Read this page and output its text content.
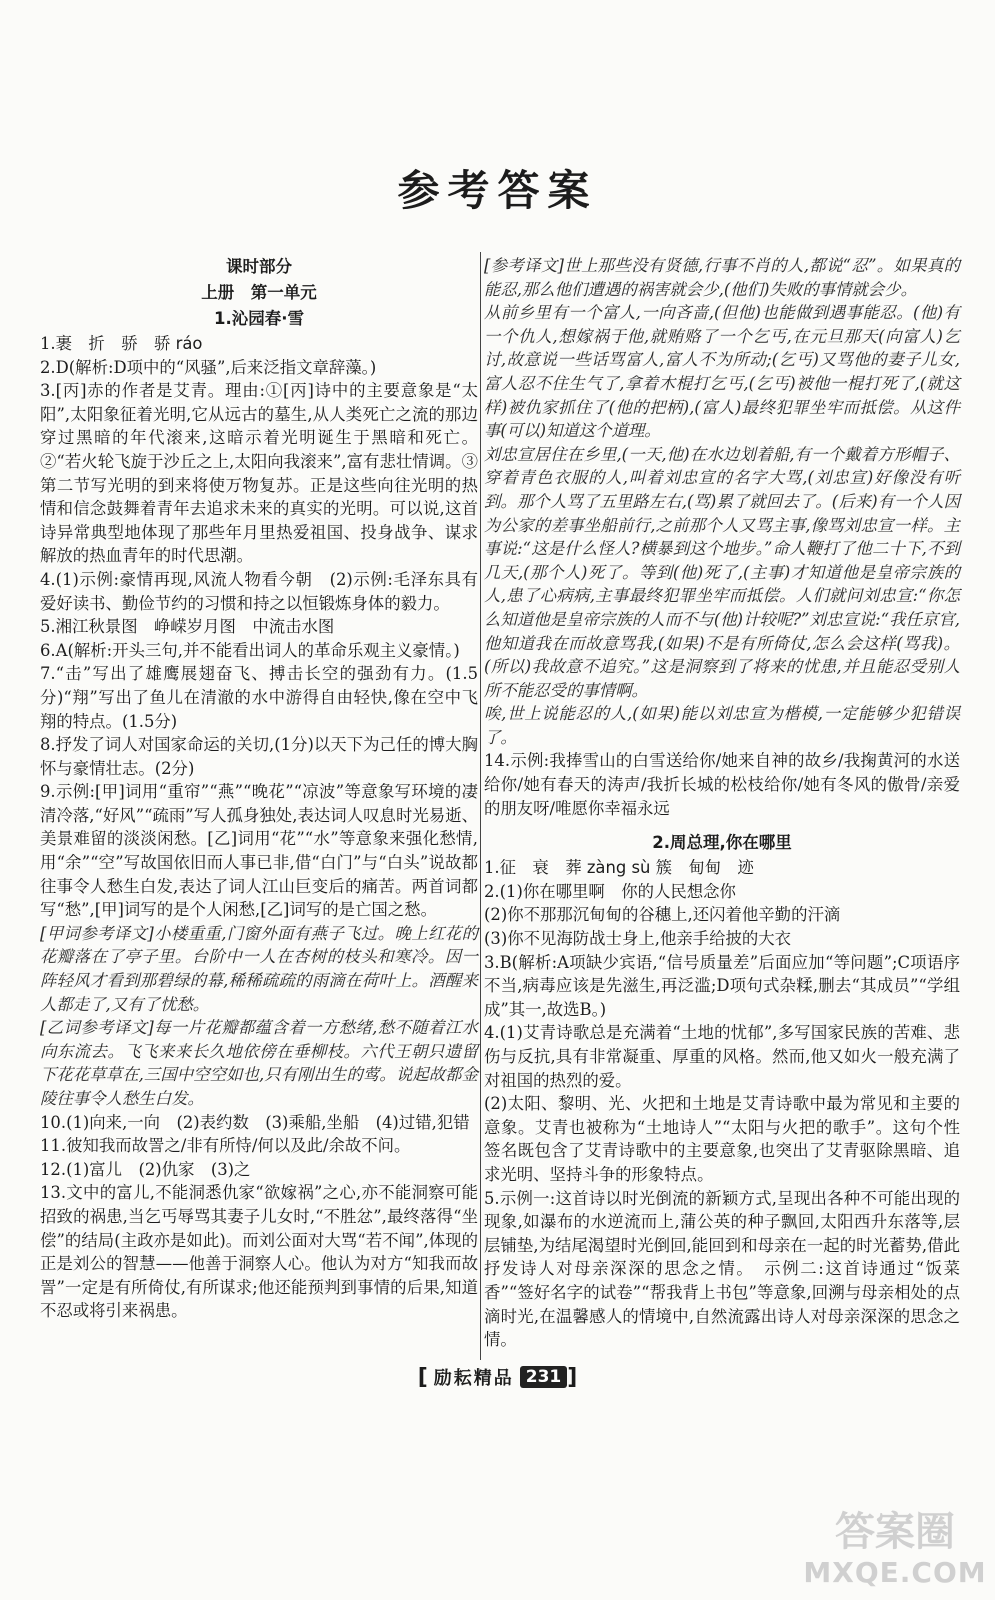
参考答案
课时部分
上册　第一单元
1.沁园春·雪
1.裹　折　骄　骄 ráo
2.D(解析:D项中的“风骚”,后来泛指文章辞藻。)
3.[丙]赤的作者是艾青。理由:①[丙]诗中的主要意象是“太阳”,太阳象征着光明,它从远古的墓生,从人类死亡之流的那边穿过黑暗的年代滚来,这暗示着光明诞生于黑暗和死亡。②“若火轮飞旋于沙丘之上,太阳向我滚来”,富有悲壮情调。③第二节写光明的到来将使万物复苏。正是这些向往光明的热情和信念鼓舞着青年去追求未来的真实的光明。可以说,这首诗异常典型地体现了那些年月里热爱祖国、投身战争、谋求解放的热血青年的时代思潮。
4.(1)示例:豪情再现,风流人物看今朝　(2)示例:毛泽东具有爱好读书、勤俭节约的习惯和持之以恒锻炼身体的毅力。
5.湘江秋景图　峥嵘岁月图　中流击水图
6.A(解析:开头三句,并不能看出词人的革命乐观主义豪情。)
7.“击”写出了雄鹰展翅奋飞、搏击长空的强劲有力。(1.5分)“翔”写出了鱼儿在清澈的水中游得自由轻快,像在空中飞翔的特点。(1.5分)
8.抒发了词人对国家命运的关切,(1分)以天下为己任的博大胸怀与豪情壮志。(2分)
9.示例:[甲]词用“重帘”“燕”“晚花”“凉波”等意象写环境的凄清冷落,“好风”“疏雨”写人孤身独处,表达词人叹息时光易逝、美景难留的淡淡闲愁。[乙]词用“花”“水”等意象来强化愁情,用“余”“空”写故国依旧而人事已非,借“白门”与“白头”说故都往事令人愁生白发,表达了词人江山巨变后的痛苦。两首词都写“愁”,[甲]词写的是个人闲愁,[乙]词写的是亡国之愁。
[甲词参考译文]小楼重重,门窗外面有燕子飞过。晚上红花的花瓣落在了亭子里。台阶中一人在杏树的枝头和寒冷。因一阵轻风才看到那碧绿的幕,稀稀疏疏的雨滴在荷叶上。酒醒来人都走了,又有了忧愁。
[乙词参考译文]每一片花瓣都蕴含着一方愁绪,愁不随着江水向东流去。飞飞来来长久地依傍在垂柳枝。六代王朝只遗留下花花草草在,三国中空空如也,只有刚出生的莺。说起故都金陵往事令人愁生白发。
10.(1)向来,一向　(2)表约数　(3)乘船,坐船　(4)过错,犯错
11.彼知我而故詈之/非有所恃/何以及此/余故不问。
12.(1)富儿　(2)仇家　(3)之
13.文中的富儿,不能洞悉仇家“欲嫁祸”之心,亦不能洞察可能招致的祸患,当乞丐辱骂其妻子儿女时,“不胜忿”,最终落得“坐偿”的结局(主政亦是如此)。而刘公面对大骂“若不闻”,体现的正是刘公的智慧——他善于洞察人心。他认为对方“知我而故詈”一定是有所倚仗,有所谋求;他还能预判到事情的后果,知道不忍或将引来祸患。
[参考译文]世上那些没有贤德,行事不肖的人,都说“忍”。如果真的能忍,那么他们遭遇的祸害就会少,(他们)失败的事情就会少。
从前乡里有一个富人,一向吝啬,(但他)也能做到遇事能忍。(他)有一个仇人,想嫁祸于他,就贿赂了一个乞丐,在元旦那天(向富人)乞讨,故意说一些话骂富人,富人不为所动;(乞丐)又骂他的妻子儿女,富人忍不住生气了,拿着木棍打乞丐,(乞丐)被他一棍打死了,(就这样)被仇家抓住了(他的把柄),(富人)最终犯罪坐牢而抵偿。从这件事(可以)知道这个道理。
刘忠宣居住在乡里,(一天,他)在水边划着船,有一个戴着方形帽子、穿着青色衣服的人,叫着刘忠宣的名字大骂,(刘忠宣)好像没有听到。那个人骂了五里路左右,(骂)累了就回去了。(后来)有一个人因为公家的差事坐船前行,之前那个人又骂主事,像骂刘忠宣一样。主事说:“这是什么怪人?横暴到这个地步。”命人鞭打了他二十下,不到几天,(那个人)死了。等到(他)死了,(主事)才知道他是皇帝宗族的人,患了心病病,主事最终犯罪坐牢而抵偿。人们就问刘忠宣:“你怎么知道他是皇帝宗族的人而不与(他)计较呢?”刘忠宣说:“我任京官,他知道我在而故意骂我,(如果)不是有所倚仗,怎么会这样(骂我)。(所以)我故意不追究。”这是洞察到了将来的忧患,并且能忍受别人所不能忍受的事情啊。
唉,世上说能忍的人,(如果)能以刘忠宣为楷模,一定能够少犯错误了。
14.示例:我捧雪山的白雪送给你/她来自神的故乡/我掬黄河的水送给你/她有春天的涛声/我折长城的松枝给你/她有冬风的傲骨/亲爱的朋友呀/唯愿你幸福永远
2.周总理,你在哪里
1.征　衰　葬 zàng sù 簇　甸甸　迹
2.(1)你在哪里啊　你的人民想念你
(2)你不那那沉甸甸的谷穗上,还闪着他辛勤的汗滴
(3)你不见海防战士身上,他亲手给披的大衣
3.B(解析:A项缺少宾语,“信号质量差”后面应加“等问题”;C项语序不当,病毒应该是先滋生,再泛滥;D项句式杂糅,删去“其成员”“学组成”其一,故选B。)
4.(1)艾青诗歌总是充满着“土地的忧郁”,多写国家民族的苦难、悲伤与反抗,具有非常凝重、厚重的风格。然而,他又如火一般充满了对祖国的热烈的爱。
(2)太阳、黎明、光、火把和土地是艾青诗歌中最为常见和主要的意象。艾青也被称为“土地诗人”“太阳与火把的歌手”。这句个性签名既包含了艾青诗歌中的主要意象,也突出了艾青驱除黑暗、追求光明、坚持斗争的形象特点。
5.示例一:这首诗以时光倒流的新颖方式,呈现出各种不可能出现的现象,如瀑布的水逆流而上,蒲公英的种子飘回,太阳西升东落等,层层铺垫,为结尾渴望时光倒回,能回到和母亲在一起的时光蓄势,借此抒发诗人对母亲深深的思念之情。　示例二:这首诗通过“饭菜香”“签好名字的试卷”“帮我背上书包”等意象,回溯与母亲相处的点滴时光,在温馨感人的情境中,自然流露出诗人对母亲深深的思念之情。
[ 励耘精品 231 ]
答案圈
MXQE.COM
